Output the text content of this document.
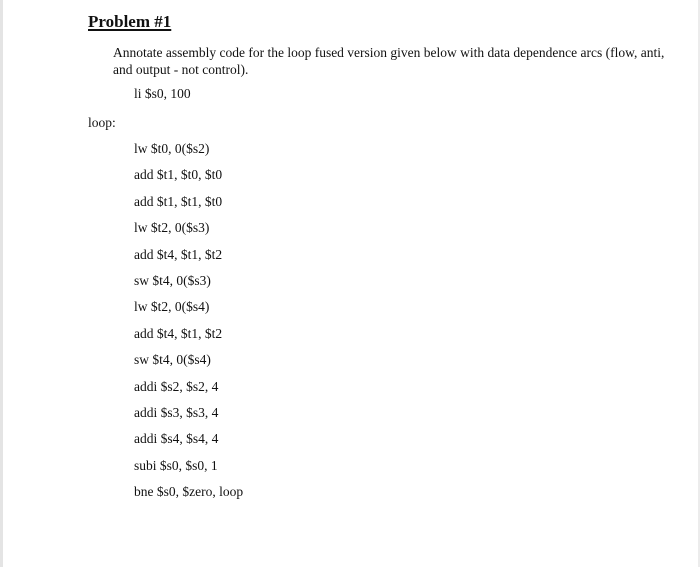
Problem #1
Annotate assembly code for the loop fused version given below with data dependence arcs (flow, anti, and output - not control).
li $s0, 100
loop:
lw $t0, 0($s2)
add $t1, $t0, $t0
add $t1, $t1, $t0
lw $t2, 0($s3)
add $t4, $t1, $t2
sw $t4, 0($s3)
lw $t2, 0($s4)
add $t4, $t1, $t2
sw $t4, 0($s4)
addi $s2, $s2, 4
addi $s3, $s3, 4
addi $s4, $s4, 4
subi $s0, $s0, 1
bne $s0, $zero, loop
